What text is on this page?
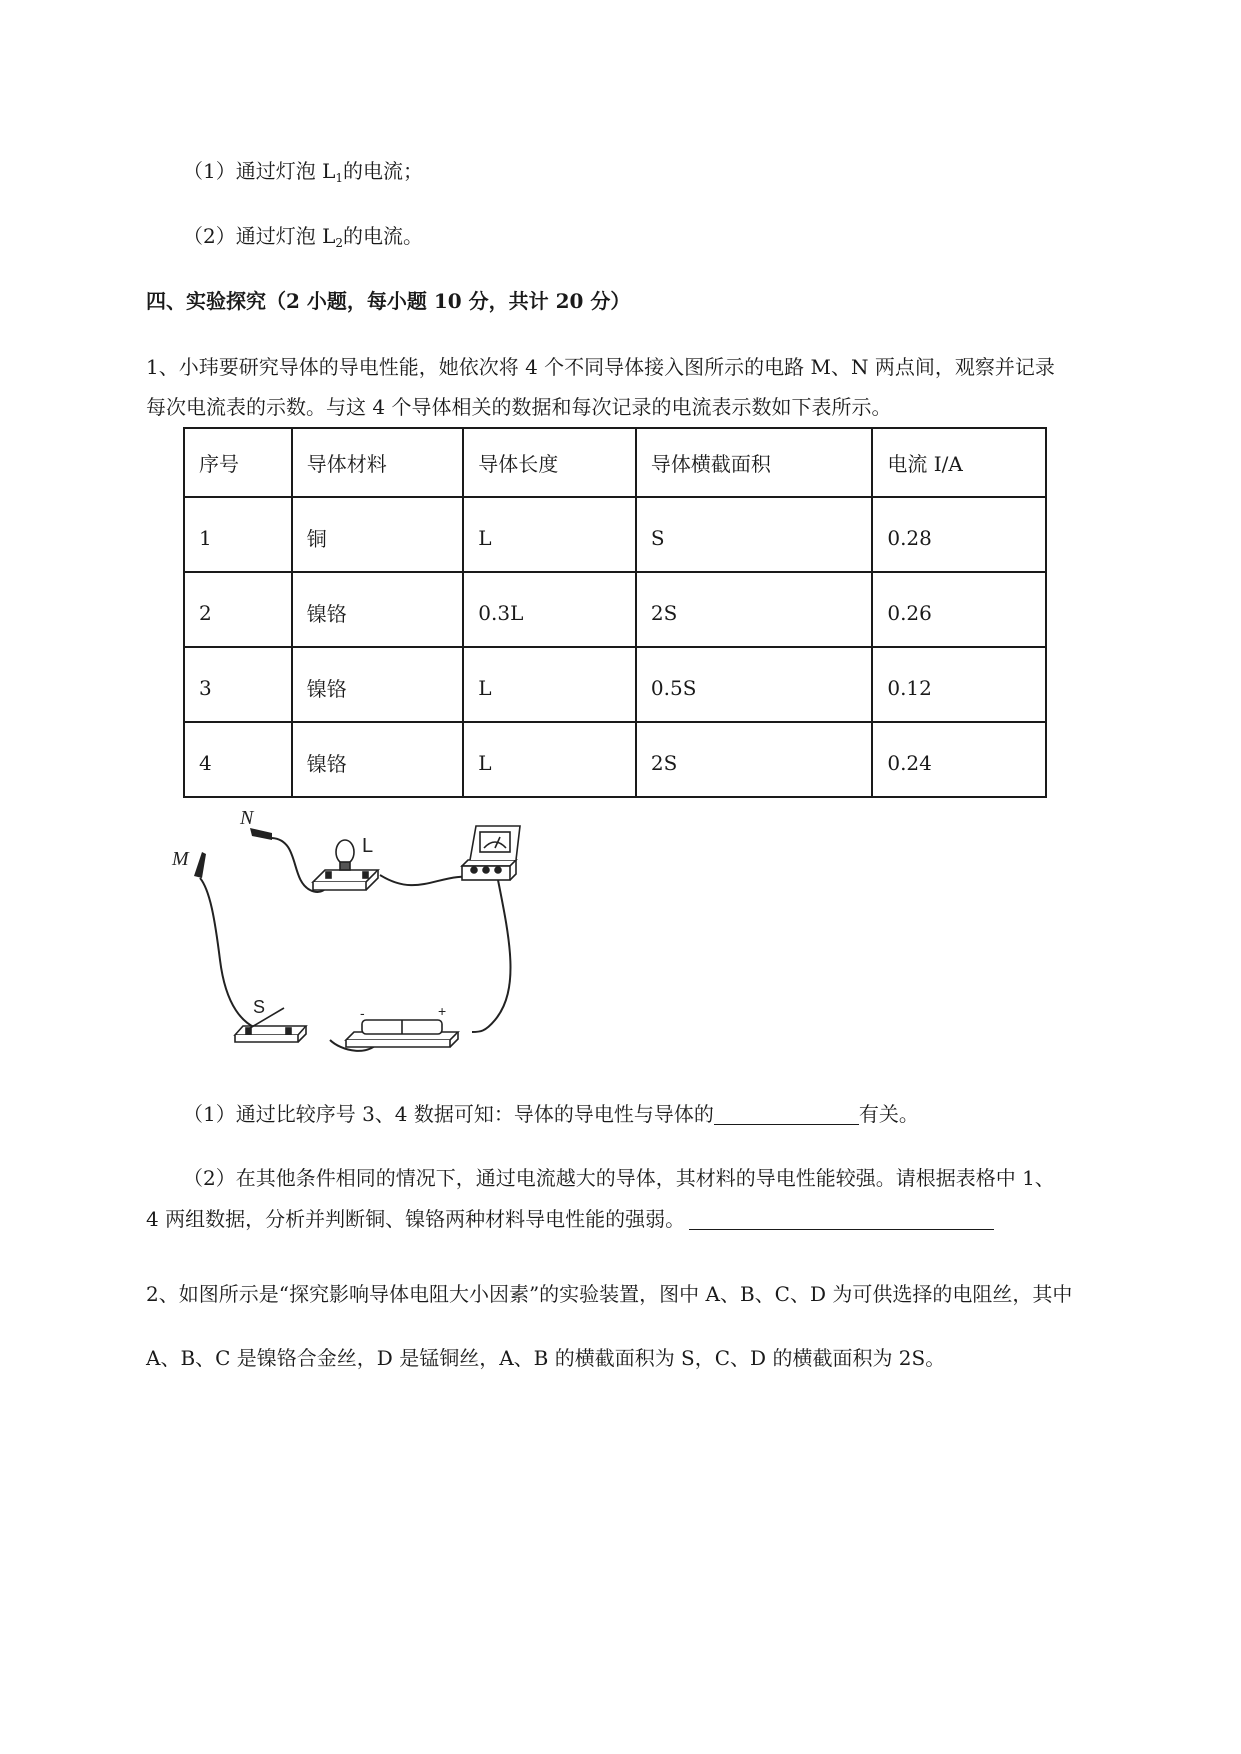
（1）通过灯泡 $L_1$的电流；
（2）通过灯泡 $L_2$的电流。
四、实验探究（2 小题，每小题 10 分，共计 20 分）
1、小玮要研究导体的导电性能，她依次将 4 个不同导体接入图所示的电路 M、N 两点间，观察并记录
每次电流表的示数。与这 4 个导体相关的数据和每次记录的电流表示数如下表所示。
序号	导体材料	导体长度	导体横截面积	电流 I/A
1	铜	L	S	0.28
2	镍铬	0.3L	2S	0.26
3	镍铬	L	0.5S	0.12
4	镍铬	L	2S	0.24
N
M
L
S	-	+
（1）通过比较序号 3、4 数据可知：导体的导电性与导体的	有关。
（2）在其他条件相同的情况下，通过电流越大的导体，其材料的导电性能较强。请根据表格中 1、
4 两组数据，分析并判断铜、镍铬两种材料导电性能的强弱。
2、如图所示是“探究影响导体电阻大小因素”的实验装置，图中 A、B、C、D 为可供选择的电阻丝，其中
A、B、C 是镍铬合金丝，D 是锰铜丝，A、B 的横截面积为 S，C、D 的横截面积为 2S。
